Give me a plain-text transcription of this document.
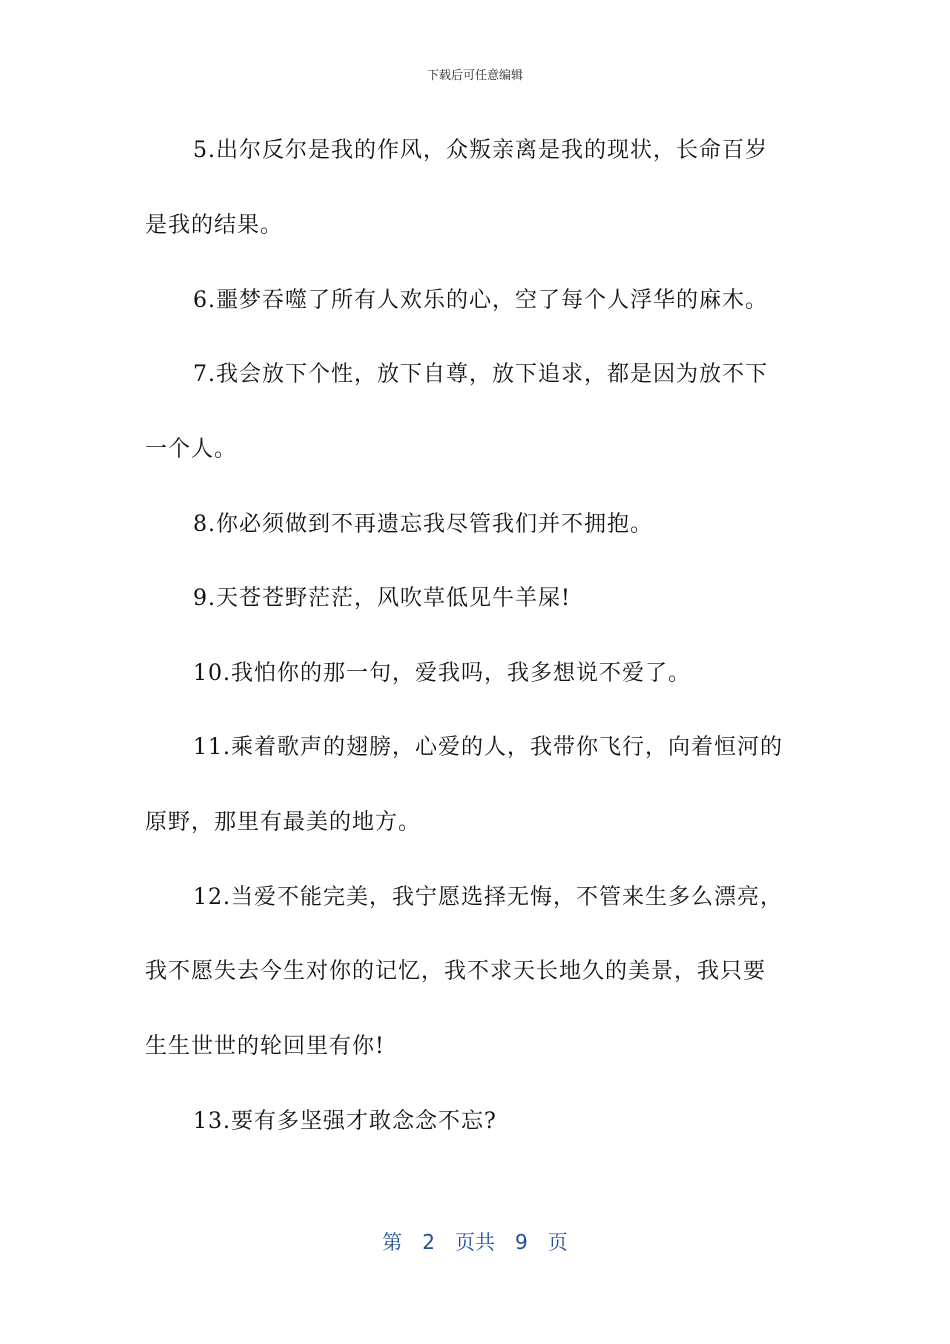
下载后可任意编辑
5.出尔反尔是我的作风，众叛亲离是我的现状，长命百岁
是我的结果。
6.噩梦吞噬了所有人欢乐的心，空了每个人浮华的麻木。
7.我会放下个性，放下自尊，放下追求，都是因为放不下
一个人。
8.你必须做到不再遗忘我尽管我们并不拥抱。
9.天苍苍野茫茫，风吹草低见牛羊屎!
10.我怕你的那一句，爱我吗，我多想说不爱了。
11.乘着歌声的翅膀，心爱的人，我带你飞行，向着恒河的
原野，那里有最美的地方。
12.当爱不能完美，我宁愿选择无悔，不管来生多么漂亮，
我不愿失去今生对你的记忆，我不求天长地久的美景，我只要
生生世世的轮回里有你!
13.要有多坚强才敢念念不忘?
第 2 页共 9 页
